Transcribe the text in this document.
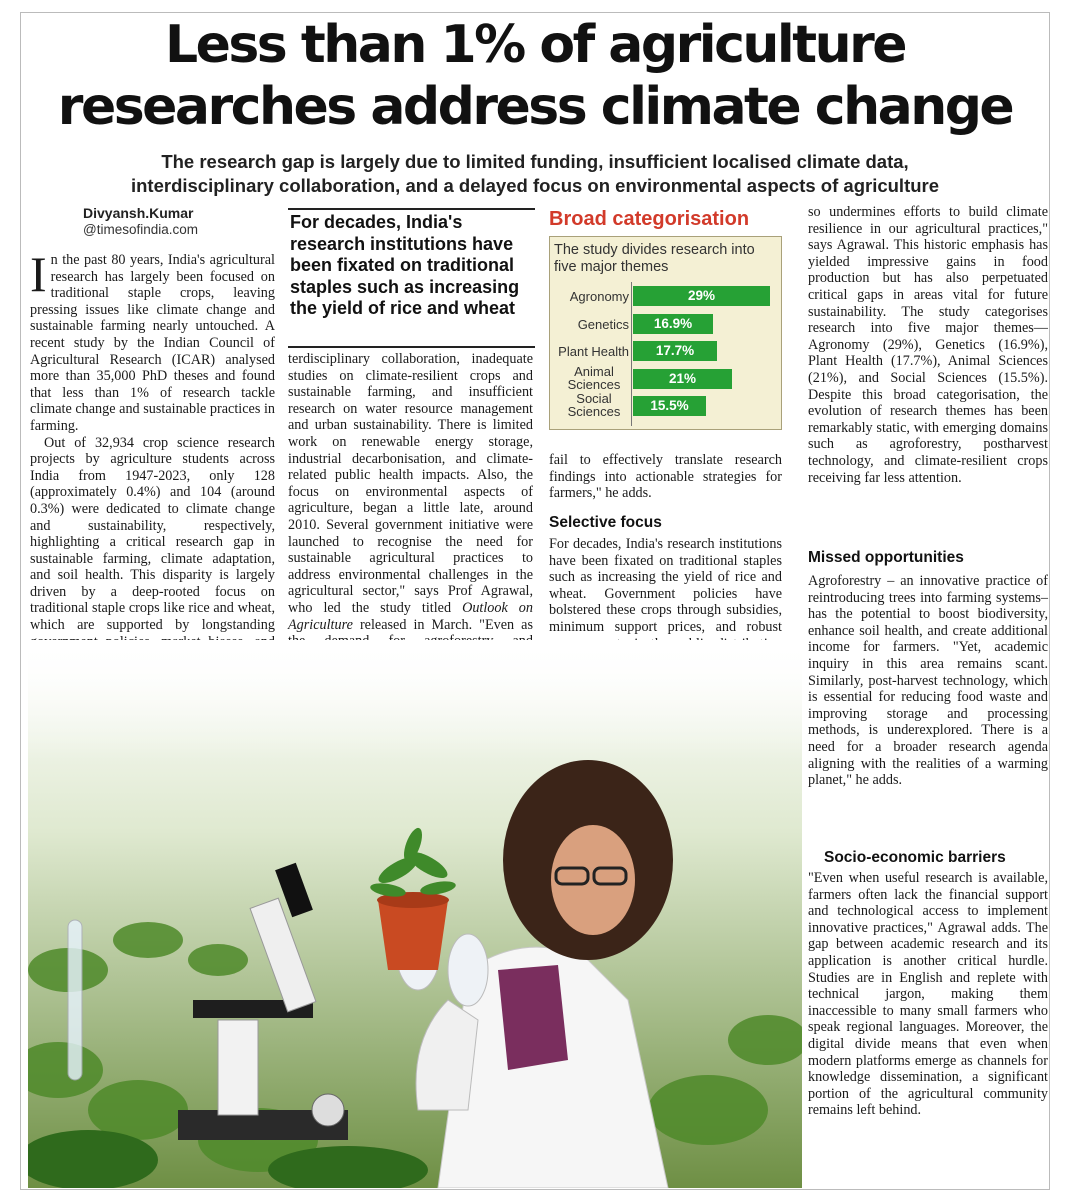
Less than 1% of agriculture
researches address climate change
The research gap is largely due to limited funding, insufficient localised climate data,
interdisciplinary collaboration, and a delayed focus on environmental aspects of agriculture
Divyansh.Kumar
@timesofindia.com

In the past 80 years, India's agricultural research has largely been focused on traditional staple crops, leaving pressing issues like climate change and sustainable farming nearly untouched. A recent study by the Indian Council of Agricultural Research (ICAR) analysed more than 35,000 PhD theses and found that less than 1% of research tackle climate change and sustainable practices in farming.

Out of 32,934 crop science research projects by agriculture students across India from 1947-2023, only 128 (approximately 0.4%) and 104 (around 0.3%) were dedicated to climate change and sustainability, respectively, highlighting a critical research gap in sustainable farming, climate adaptation, and soil health. This disparity is largely driven by a deep-rooted focus on traditional staple crops like rice and wheat, which are supported by longstanding

For decades, India's research institutions have been fixated on traditional staples such as increasing the yield of rice and wheat

terdisciplinary collaboration, inadequate studies on climate-resilient crops and sustainable farming, and insufficient research on water resource management and urban sustainability. There is limited work on renewable energy storage, industrial decarbonisation, and climate-related public health impacts. Also, the focus on environmental aspects of agriculture, began a little late, around 2010. Several government initiative were launched to recognise the need for sustainable agricultural practices to address environmental challenges in the agricultural sector," says Prof Agrawal, who led the study titled Outlook on Agriculture released in March. "Even as

Broad categorisation
The study divides research into five major themes
Agronomy	29%
Genetics	16.9%
Plant Health	17.7%
Animal Sciences	21%
Social Sciences	15.5%

fail to effectively translate research findings into actionable strategies for farmers," he adds.

Selective focus

For decades, India's research institutions have been fixated on traditional staples such as increasing the yield of rice and wheat. Government policies have bolstered these crops through subsidies, minimum support prices, and robust

so undermines efforts to build climate resilience in our agricultural practices," says Agrawal. This historic emphasis has yielded impressive gains in food production but has also perpetuated critical gaps in areas vital for future sustainability. The study categorises research into five major themes—Agronomy (29%), Genetics (16.9%), Plant Health (17.7%), Animal Sciences (21%), and Social Sciences (15.5%). Despite this broad categorisation, the evolution of research themes has been remarkably static, with emerging domains such as agroforestry, postharvest technology, and climate-resilient crops receiving far less attention.

Missed opportunities

Agroforestry – an innovative practice of reintroducing trees into farming systems–has the potential to boost biodiversity, enhance soil health, and create additional income for farmers. "Yet, academic inquiry in this area remains scant. Similarly, post-harvest technology, which is essential for reducing food waste and improving storage and processing methods, is underexplored. There is a need for a broader research agenda aligning with the realities of a warming planet," he adds.

Socio-economic barriers

"Even when useful research is available, farmers often lack the financial support and technological access to implement innovative practices," Agrawal adds. The gap between academic research and its application is another critical hurdle. Studies are in English and replete with technical jargon, making them inaccessible to many small farmers who speak regional languages. Moreover, the digital divide means that even when modern platforms emerge as channels for knowledge dissemination, a significant portion of the agricultural community remains left behind.
